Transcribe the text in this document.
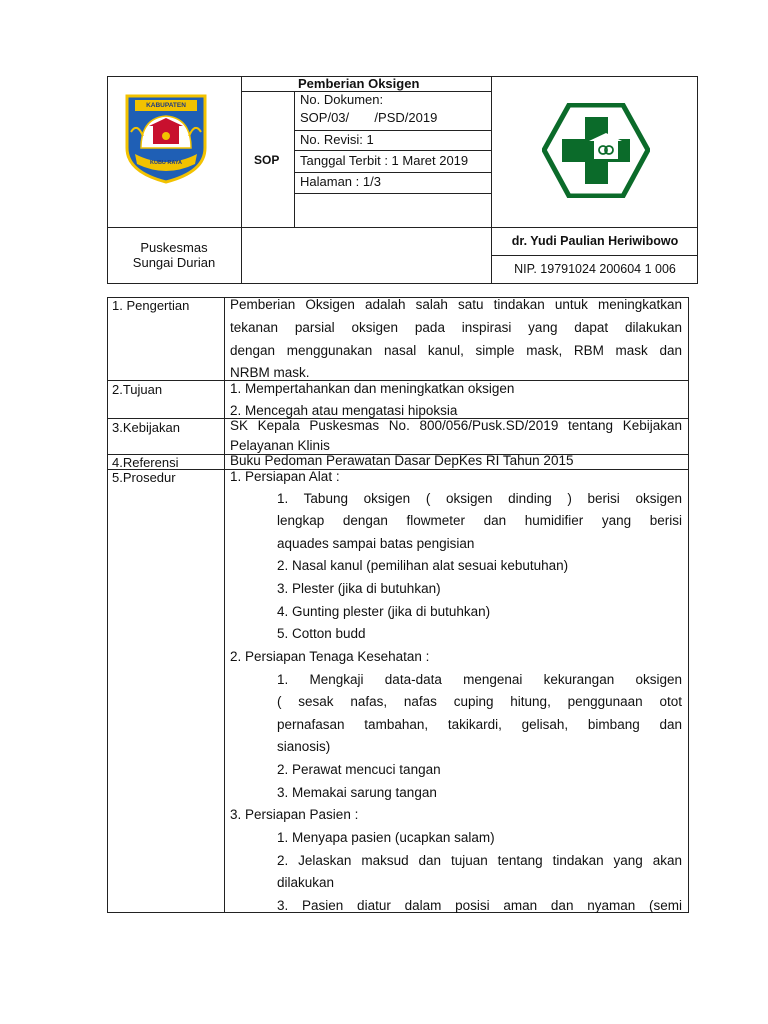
KABUPATEN
KUBU RAYA
Pemberian Oksigen
SOP
No. Dokumen:
SOP/03/       /PSD/2019
No. Revisi: 1
Tanggal Terbit : 1 Maret 2019
Halaman : 1/3
Puskesmas
Sungai Durian
dr. Yudi Paulian Heriwibowo
NIP. 19791024 200604 1 006
1. Pengertian	Pemberian Oksigen adalah salah satu tindakan untuk meningkatkan
tekanan parsial oksigen pada inspirasi yang dapat dilakukan
dengan menggunakan nasal kanul, simple mask, RBM mask dan
NRBM mask.
2.Tujuan	1. Mempertahankan dan meningkatkan oksigen
2. Mencegah atau mengatasi hipoksia
3.Kebijakan	SK Kepala Puskesmas No. 800/056/Pusk.SD/2019 tentang Kebijakan
Pelayanan Klinis
4.Referensi	Buku Pedoman Perawatan Dasar DepKes RI Tahun 2015
5.Prosedur	1. Persiapan Alat :
1. Tabung oksigen ( oksigen dinding ) berisi oksigen
lengkap dengan flowmeter dan humidifier yang berisi
aquades sampai batas pengisian
2. Nasal kanul (pemilihan alat sesuai kebutuhan)
3. Plester (jika di butuhkan)
4. Gunting plester (jika di butuhkan)
5. Cotton budd
2. Persiapan Tenaga Kesehatan :
1. Mengkaji data-data mengenai kekurangan oksigen
( sesak nafas, nafas cuping hitung, penggunaan otot
pernafasan tambahan, takikardi, gelisah, bimbang dan
sianosis)
2. Perawat mencuci tangan
3. Memakai sarung tangan
3. Persiapan Pasien :
1. Menyapa pasien (ucapkan salam)
2. Jelaskan maksud dan tujuan tentang tindakan yang akan
dilakukan
3. Pasien diatur dalam posisi aman dan nyaman (semi
